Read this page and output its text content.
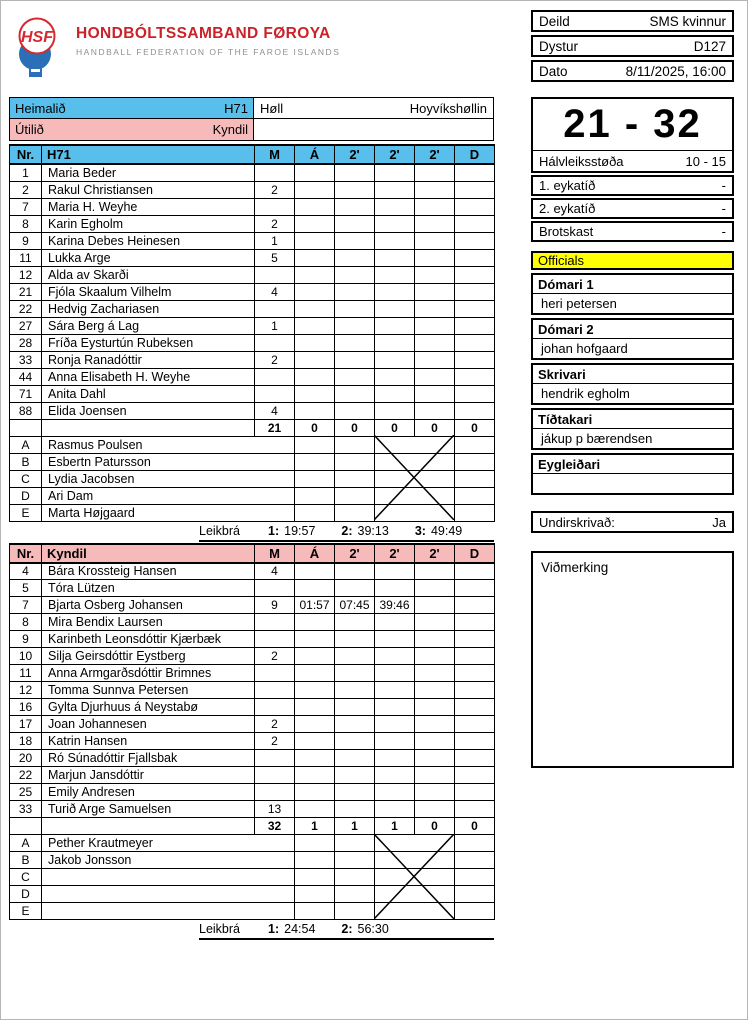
HSF HONDBÓLTSSAMBAND FØROYA
HANDBALL FEDERATION OF THE FAROE ISLANDS
Deild	SMS kvinnur
Dystur	D127
Dato	8/11/2025, 16:00
Heimalið	H71 Høll	Hoyvíkshøllin
Útilið	Kyndil
Nr.	H71	M	Á	2'	2'	2'	D
1	Maria Beder						
2	Rakul Christiansen	2					
7	Maria H. Weyhe						
8	Karin Egholm	2					
9	Karina Debes Heinesen	1					
11	Lukka Arge	5					
12	Alda av Skarði						
21	Fjóla Skaalum Vilhelm	4					
22	Hedvig Zachariasen						
27	Sára Berg á Lag	1					
28	Fríða Eysturtún Rubeksen						
33	Ronja Ranadóttir	2					
44	Anna Elisabeth H. Weyhe						
71	Anita Dahl						
88	Elida Joensen	4					
		21	0	0	0	0	0
A	Rasmus Poulsen						
B	Esbertn Patursson						
C	Lydia Jacobsen						
D	Ari Dam						
E	Marta Højgaard						
Leikbrá 1: 19:57 2: 39:13 3: 49:49
Nr.	Kyndil	M	Á	2'	2'	2'	D
4	Bára Krossteig Hansen	4					
5	Tóra Lützen						
7	Bjarta Osberg Johansen	9	01:57	07:45	39:46		
8	Mira Bendix Laursen						
9	Karinbeth Leonsdóttir Kjærbæk						
10	Silja Geirsdóttir Eystberg	2					
11	Anna Armgarðsdóttir Brimnes						
12	Tomma Sunnva Petersen						
16	Gylta Djurhuus á Neystabø						
17	Joan Johannesen	2					
18	Katrin Hansen	2					
20	Ró Súnadóttir Fjallsbak						
22	Marjun Jansdóttir						
25	Emily Andresen						
33	Turið Arge Samuelsen	13					
		32	1	1	1	0	0
A	Pether Krautmeyer						
B	Jakob Jonsson						
C							
D							
E							
Leikbrá 1: 24:54 2: 56:30
21 - 32
Hálvleiksstøða	10 - 15
1. eykatíð	-
2. eykatíð	-
Brotskast	-
Officials
Dómari 1
heri petersen
Dómari 2
johan hofgaard
Skrivari
hendrik egholm
Tíðtakari
jákup p bærendsen
Eygleiðari
Undirskrivað:	Ja
Viðmerking
